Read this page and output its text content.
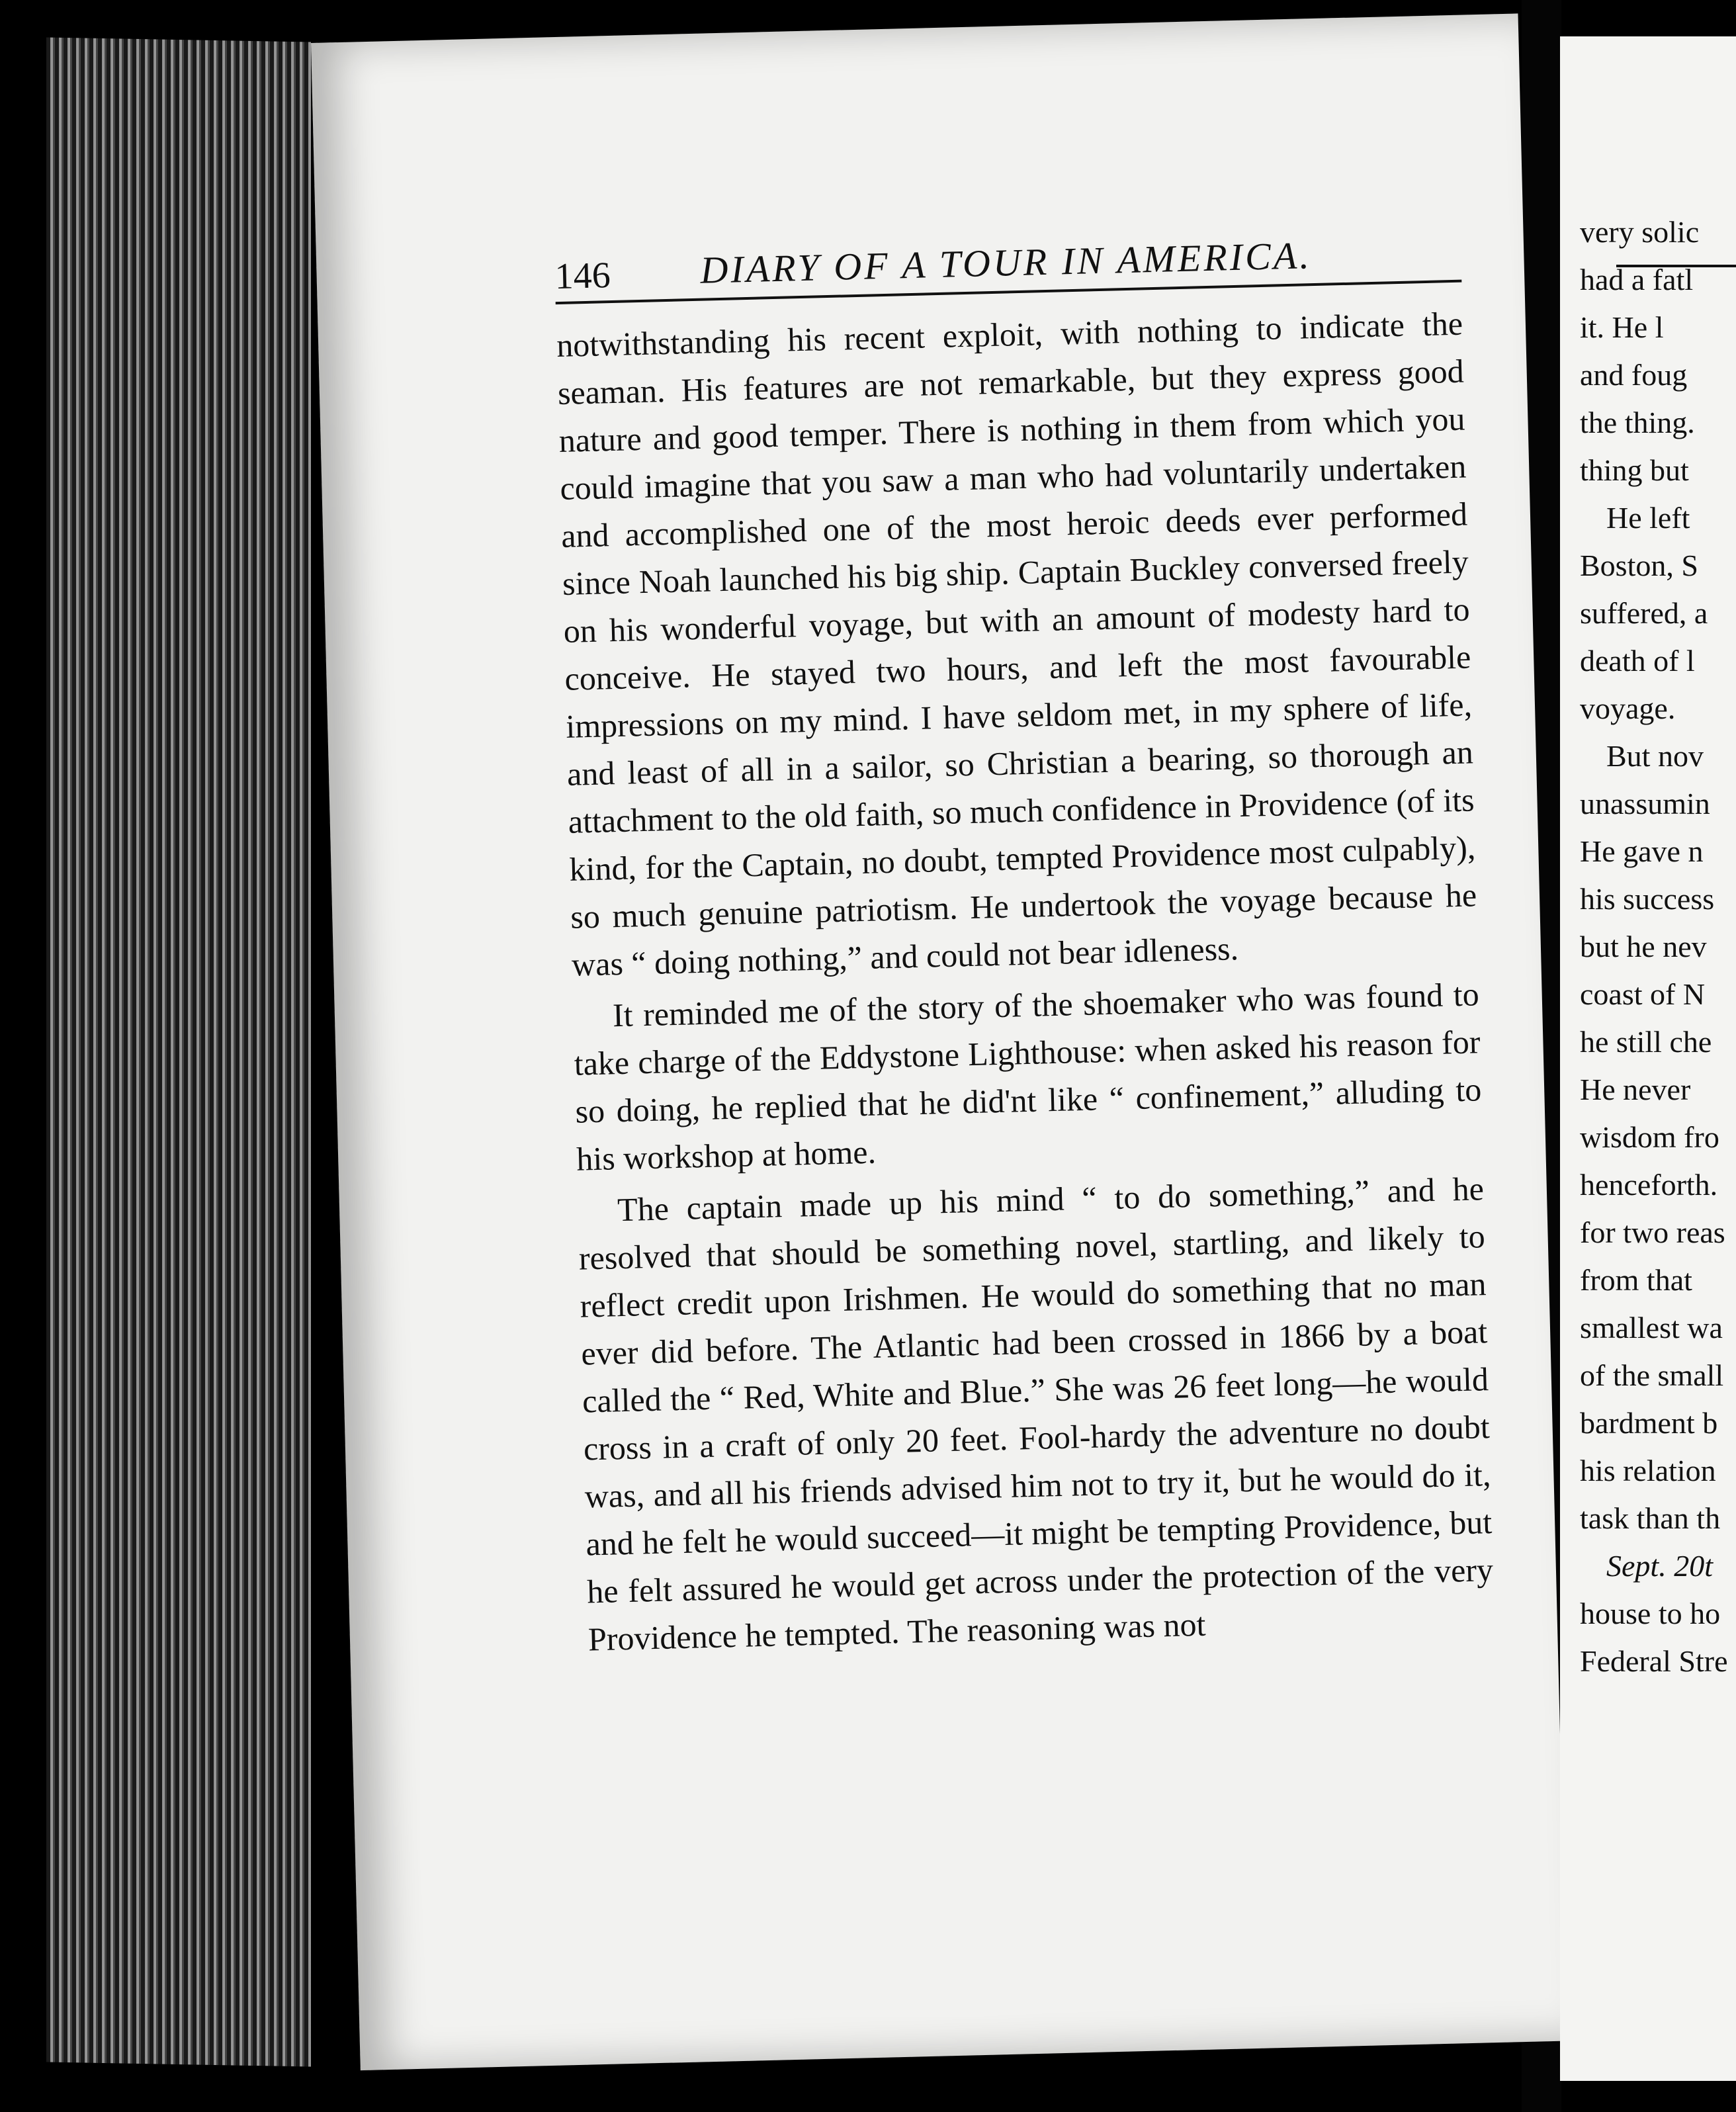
146 DIARY OF A TOUR IN AMERICA.

notwithstanding his recent exploit, with nothing to indicate the seaman. His features are not remarkable, but they express good nature and good temper. There is nothing in them from which you could imagine that you saw a man who had voluntarily undertaken and accomplished one of the most heroic deeds ever performed since Noah launched his big ship. Captain Buckley conversed freely on his wonderful voyage, but with an amount of modesty hard to conceive. He stayed two hours, and left the most favourable impressions on my mind. I have seldom met, in my sphere of life, and least of all in a sailor, so Christian a bearing, so thorough an attachment to the old faith, so much confidence in Providence (of its kind, for the Captain, no doubt, tempted Providence most culpably), so much genuine patriotism. He undertook the voyage because he was “ doing nothing,” and could not bear idleness.

It reminded me of the story of the shoemaker who was found to take charge of the Eddystone Lighthouse: when asked his reason for so doing, he replied that he did'nt like “ confinement,” alluding to his workshop at home.

The captain made up his mind “ to do something,” and he resolved that should be something novel, startling, and likely to reflect credit upon Irishmen. He would do something that no man ever did before. The Atlantic had been crossed in 1866 by a boat called the “ Red, White and Blue.” She was 26 feet long—he would cross in a craft of only 20 feet. Fool-hardy the adventure no doubt was, and all his friends advised him not to try it, but he would do it, and he felt he would succeed—it might be tempting Providence, but he felt assured he would get across under the protection of the very Providence he tempted. The reasoning was not

very solic
had a fatl
it. He l
and foug
the thing.
thing but
He left
Boston, S
suffered, a
death of l
voyage.
But nov
unassumin
He gave n
his success
but he nev
coast of N
he still che
He never
wisdom fro
henceforth.
for two reas
from that
smallest wa
of the small
bardment b
his relation
task than th
Sept. 20t
house to ho
Federal Stre
